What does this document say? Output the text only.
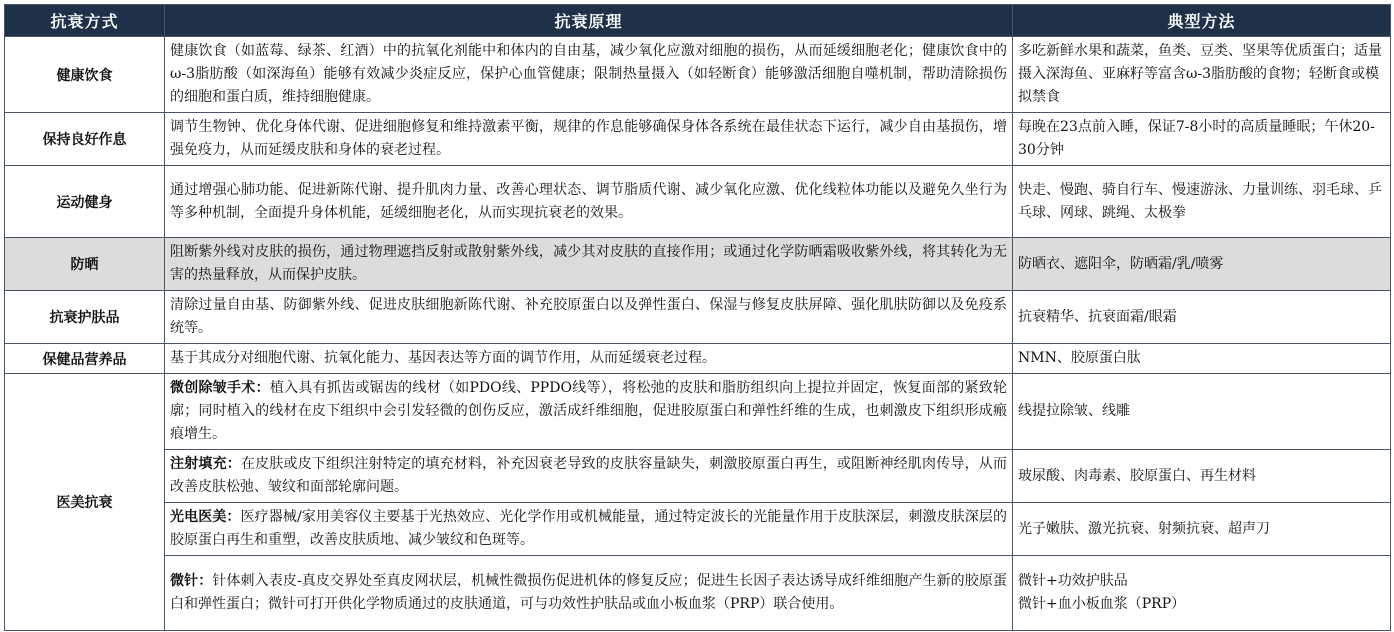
抗衰方式	抗衰原理	典型方法
健康饮食	健康饮食（如蓝莓、绿茶、红酒）中的抗氧化剂能中和体内的自由基，减少氧化应激对细胞的损伤，从而延缓细胞老化；健康饮食中的ω-3脂肪酸（如深海鱼）能够有效减少炎症反应，保护心血管健康；限制热量摄入（如轻断食）能够激活细胞自噬机制，帮助清除损伤的细胞和蛋白质，维持细胞健康。	多吃新鲜水果和蔬菜，鱼类、豆类、坚果等优质蛋白；适量摄入深海鱼、亚麻籽等富含ω-3脂肪酸的食物；轻断食或模拟禁食
保持良好作息	调节生物钟、优化身体代谢、促进细胞修复和维持激素平衡，规律的作息能够确保身体各系统在最佳状态下运行，减少自由基损伤，增强免疫力，从而延缓皮肤和身体的衰老过程。	每晚在23点前入睡，保证7-8小时的高质量睡眠；午休20-30分钟
运动健身	通过增强心肺功能、促进新陈代谢、提升肌肉力量、改善心理状态、调节脂质代谢、减少氧化应激、优化线粒体功能以及避免久坐行为等多种机制，全面提升身体机能，延缓细胞老化，从而实现抗衰老的效果。	快走、慢跑、骑自行车、慢速游泳、力量训练、羽毛球、乒乓球、网球、跳绳、太极拳
防晒	阻断紫外线对皮肤的损伤，通过物理遮挡反射或散射紫外线，减少其对皮肤的直接作用；或通过化学防晒霜吸收紫外线，将其转化为无害的热量释放，从而保护皮肤。	防晒衣、遮阳伞，防晒霜/乳/喷雾
抗衰护肤品	清除过量自由基、防御紫外线、促进皮肤细胞新陈代谢、补充胶原蛋白以及弹性蛋白、保湿与修复皮肤屏障、强化肌肤防御以及免疫系统等。	抗衰精华、抗衰面霜/眼霜
保健品营养品	基于其成分对细胞代谢、抗氧化能力、基因表达等方面的调节作用，从而延缓衰老过程。	NMN、胶原蛋白肽
医美抗衰	微创除皱手术：植入具有抓齿或锯齿的线材（如PDO线、PPDO线等），将松弛的皮肤和脂肪组织向上提拉并固定，恢复面部的紧致轮廓；同时植入的线材在皮下组织中会引发轻微的创伤反应，激活成纤维细胞，促进胶原蛋白和弹性纤维的生成，也刺激皮下组织形成瘢痕增生。	线提拉除皱、线雕

	注射填充：在皮肤或皮下组织注射特定的填充材料，补充因衰老导致的皮肤容量缺失，刺激胶原蛋白再生，或阻断神经肌肉传导，从而改善皮肤松弛、皱纹和面部轮廓问题。	玻尿酸、肉毒素、胶原蛋白、再生材料

	光电医美：医疗器械/家用美容仪主要基于光热效应、光化学作用或机械能量，通过特定波长的光能量作用于皮肤深层，刺激皮肤深层的胶原蛋白再生和重塑，改善皮肤质地、减少皱纹和色斑等。	光子嫩肤、激光抗衰、射频抗衰、超声刀

	微针：针体刺入表皮-真皮交界处至真皮网状层，机械性微损伤促进机体的修复反应；促进生长因子表达诱导成纤维细胞产生新的胶原蛋白和弹性蛋白；微针可打开供化学物质通过的皮肤通道，可与功效性护肤品或血小板血浆（PRP）联合使用。	微针+功效护肤品
微针+血小板血浆（PRP）
